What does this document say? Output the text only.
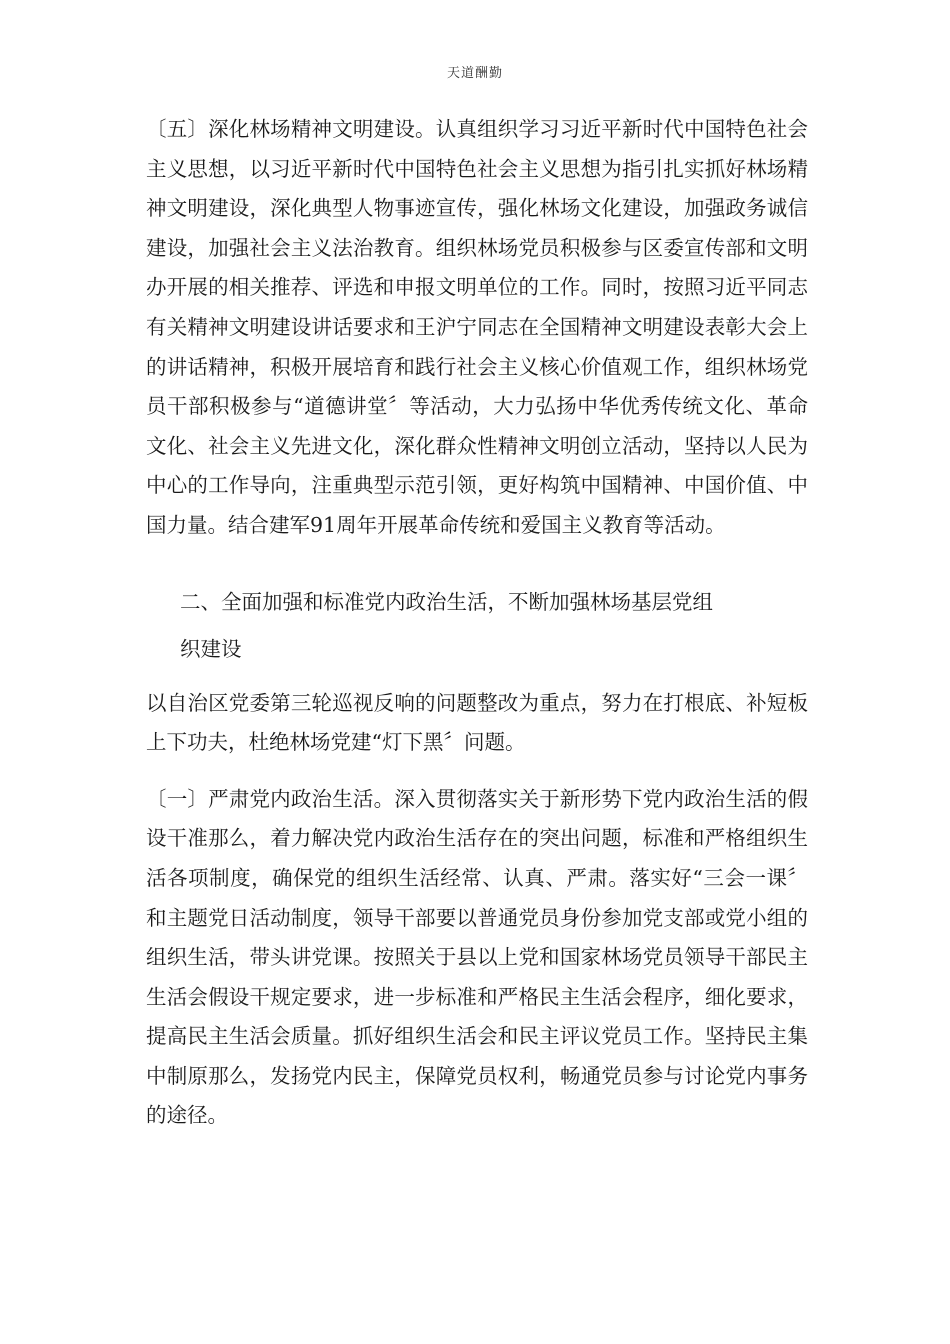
天道酬勤

〔五〕深化林场精神文明建设。认真组织学习习近平新时代中国特色社会主义思想，以习近平新时代中国特色社会主义思想为指引扎实抓好林场精神文明建设，深化典型人物事迹宣传，强化林场文化建设，加强政务诚信建设，加强社会主义法治教育。组织林场党员积极参与区委宣传部和文明办开展的相关推荐、评选和申报文明单位的工作。同时，按照习近平同志有关精神文明建设讲话要求和王沪宁同志在全国精神文明建设表彰大会上的讲话精神，积极开展培育和践行社会主义核心价值观工作，组织林场党员干部积极参与“道德讲堂〞等活动，大力弘扬中华优秀传统文化、革命文化、社会主义先进文化，深化群众性精神文明创立活动，坚持以人民为中心的工作导向，注重典型示范引领，更好构筑中国精神、中国价值、中国力量。结合建军91周年开展革命传统和爱国主义教育等活动。

二、全面加强和标准党内政治生活，不断加强林场基层党组
织建设

以自治区党委第三轮巡视反响的问题整改为重点，努力在打根底、补短板上下功夫，杜绝林场党建“灯下黑〞问题。

〔一〕严肃党内政治生活。深入贯彻落实关于新形势下党内政治生活的假设干准那么，着力解决党内政治生活存在的突出问题，标准和严格组织生活各项制度，确保党的组织生活经常、认真、严肃。落实好“三会一课〞和主题党日活动制度，领导干部要以普通党员身份参加党支部或党小组的组织生活，带头讲党课。按照关于县以上党和国家林场党员领导干部民主生活会假设干规定要求，进一步标准和严格民主生活会程序，细化要求，提高民主生活会质量。抓好组织生活会和民主评议党员工作。坚持民主集中制原那么，发扬党内民主，保障党员权利，畅通党员参与讨论党内事务的途径。
